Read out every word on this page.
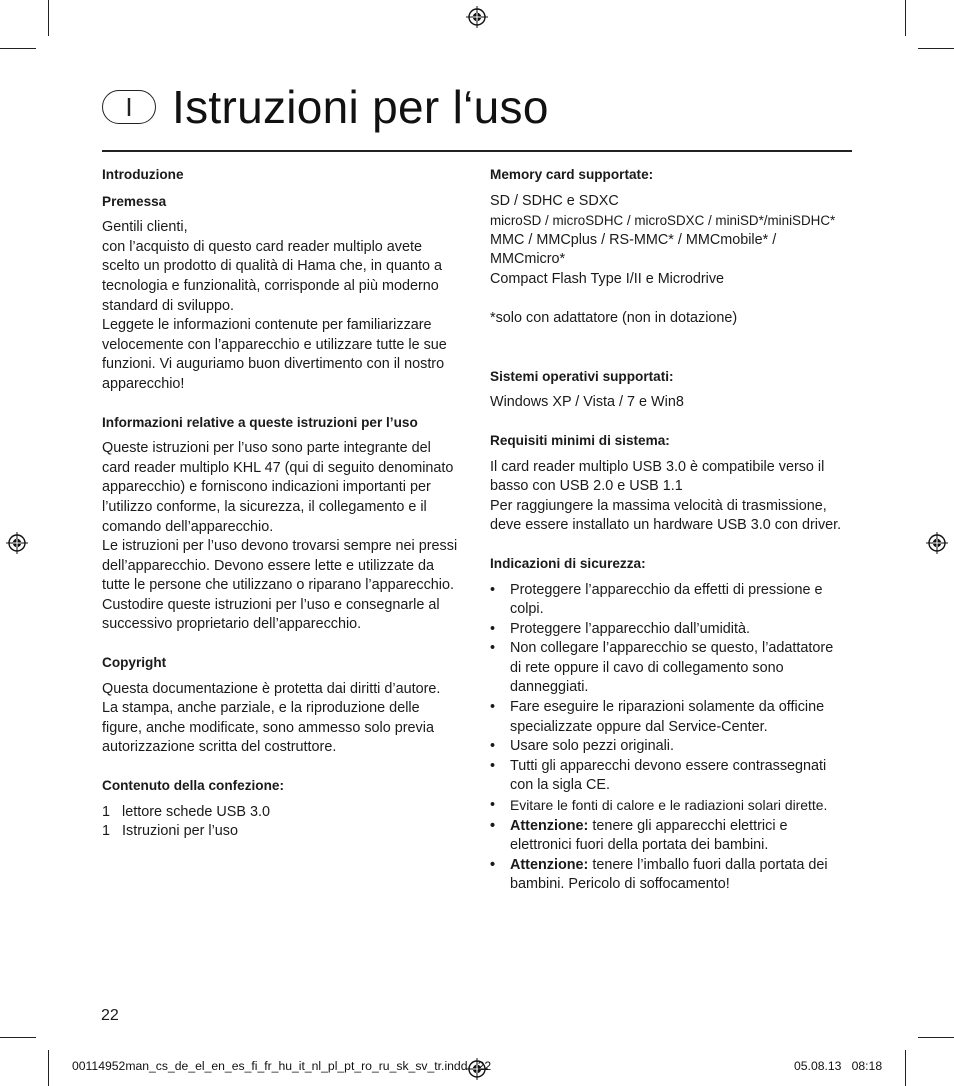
I Istruzioni per l‘uso
Introduzione
Premessa

Gentili clienti,

con l’acquisto di questo card reader multiplo avete

scelto un prodotto di qualità di Hama che, in quanto a

tecnologia e funzionalità, corrisponde al più moderno

standard di sviluppo.

Leggete le informazioni contenute per familiarizzare

velocemente con l’apparecchio e utilizzare tutte le sue

funzioni. Vi auguriamo buon divertimento con il nostro

apparecchio!

Informazioni relative a queste istruzioni per l’uso

Queste istruzioni per l’uso sono parte integrante del

card reader multiplo KHL 47 (qui di seguito denominato

apparecchio) e forniscono indicazioni importanti per

l’utilizzo conforme, la sicurezza, il collegamento e il

comando dell’apparecchio.

Le istruzioni per l’uso devono trovarsi sempre nei pressi

dell’apparecchio. Devono essere lette e utilizzate da

tutte le persone che utilizzano o riparano l’apparecchio.

Custodire queste istruzioni per l’uso e consegnarle al

successivo proprietario dell’apparecchio.

Copyright

Questa documentazione è protetta dai diritti d’autore.

La stampa, anche parziale, e la riproduzione delle

figure, anche modificate, sono ammesso solo previa

autorizzazione scritta del costruttore.

Contenuto della confezione:
1 lettore schede USB 3.0
1 Istruzioni per l’uso
Memory card supportate:

SD / SDHC e SDXC

microSD / microSDHC / microSDXC / miniSD*/miniSDHC*

MMC / MMCplus / RS-MMC* / MMCmobile* /

MMCmicro*

Compact Flash Type I/II e Microdrive

*solo con adattatore (non in dotazione)

Sistemi operativi supportati:

Windows XP / Vista / 7 e Win8

Requisiti minimi di sistema:

Il card reader multiplo USB 3.0 è compatibile verso il

basso con USB 2.0 e USB 1.1

Per raggiungere la massima velocità di trasmissione,

deve essere installato un hardware USB 3.0 con driver.

Indicazioni di sicurezza:
• Proteggere l’apparecchio da effetti di pressione e
colpi.
• Proteggere l’apparecchio dall’umidità.
• Non collegare l’apparecchio se questo, l’adattatore
di rete oppure il cavo di collegamento sono
danneggiati.
• Fare eseguire le riparazioni solamente da officine
specializzate oppure dal Service-Center.
• Usare solo pezzi originali.
• Tutti gli apparecchi devono essere contrassegnati
con la sigla CE.
• Evitare le fonti di calore e le radiazioni solari dirette.
• Attenzione: tenere gli apparecchi elettrici e
elettronici fuori della portata dei bambini.
• Attenzione: tenere l’imballo fuori dalla portata dei
bambini. Pericolo di soffocamento!
22
00114952man_cs_de_el_en_es_fi_fr_hu_it_nl_pl_pt_ro_ru_sk_sv_tr.indd   22	05.08.13   08:18
